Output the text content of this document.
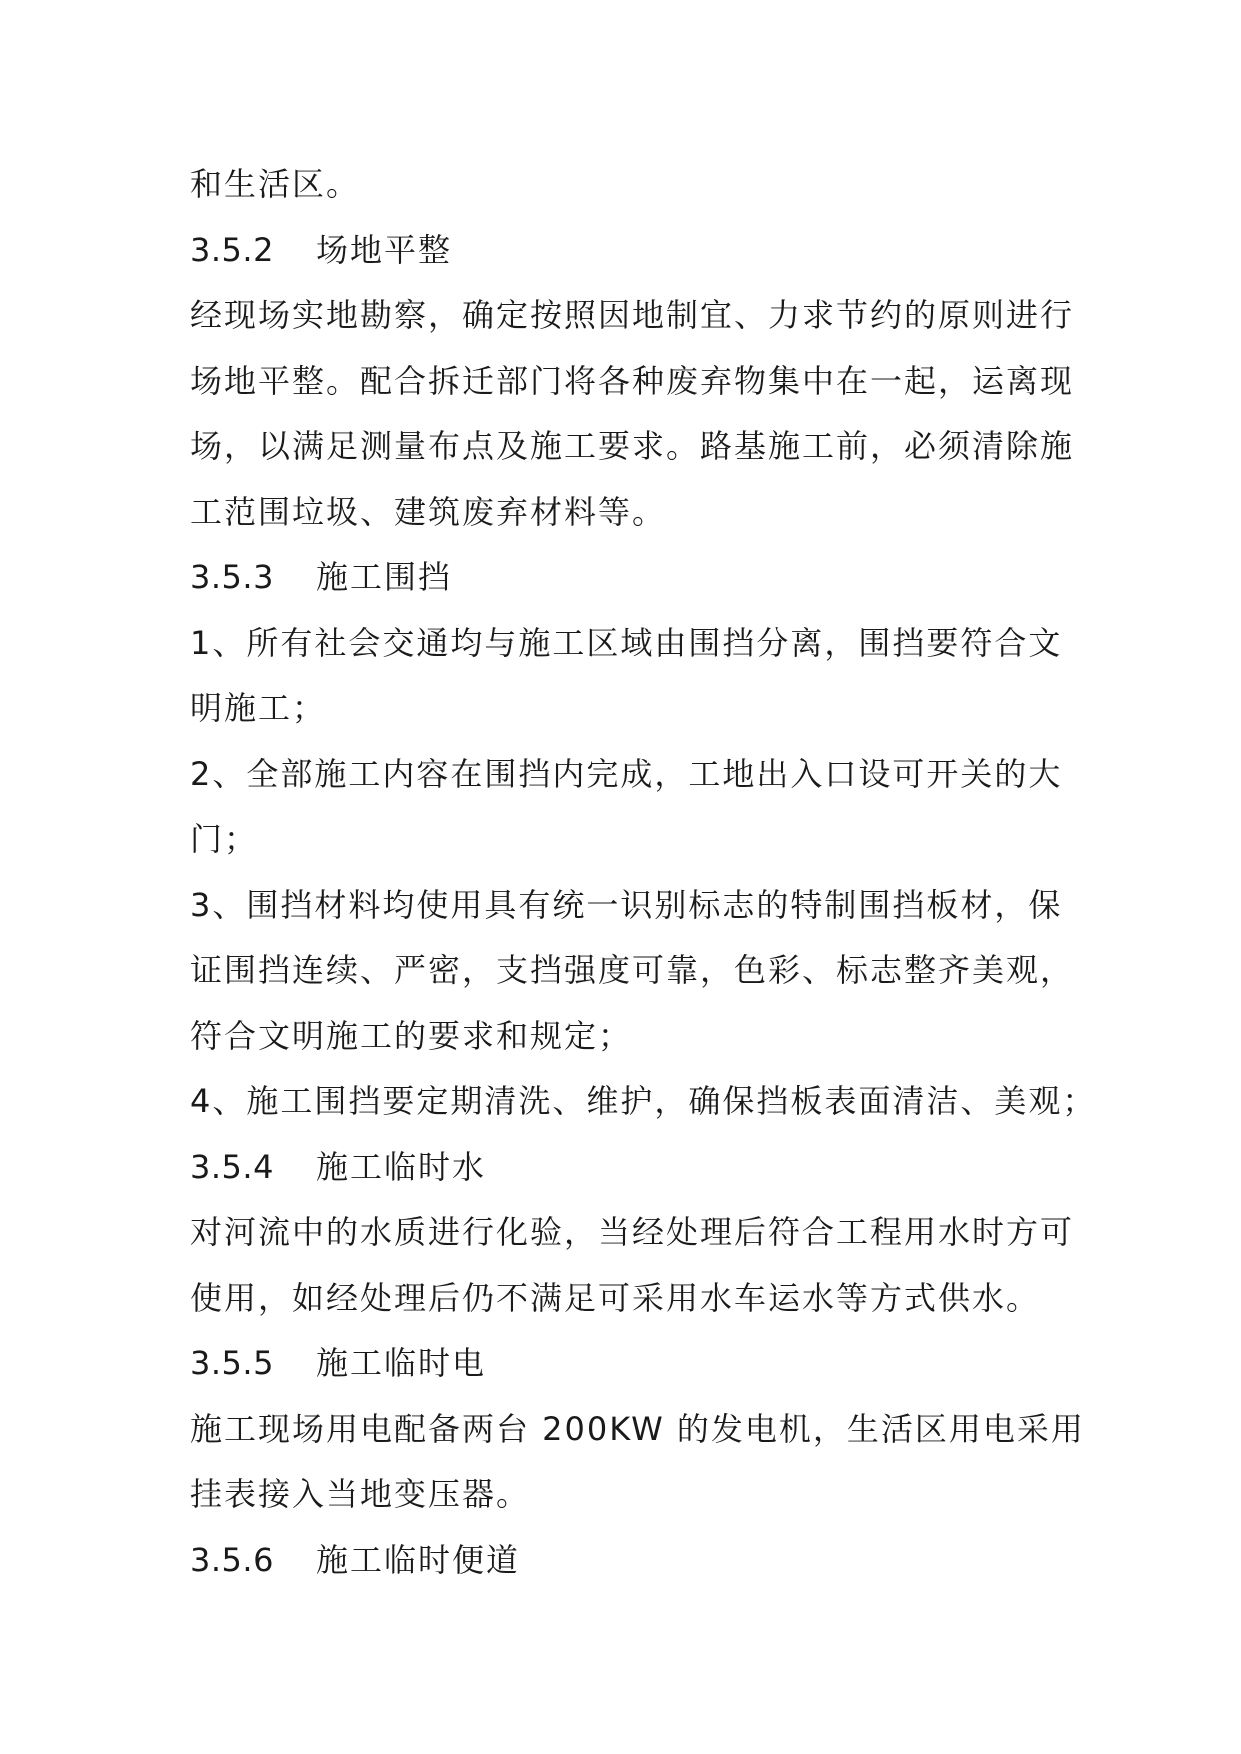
和生活区。
3.5.2	场地平整
经现场实地勘察，确定按照因地制宜、力求节约的原则进行
场地平整。配合拆迁部门将各种废弃物集中在一起，运离现
场，以满足测量布点及施工要求。路基施工前，必须清除施
工范围垃圾、建筑废弃材料等。
3.5.3	施工围挡
1、所有社会交通均与施工区域由围挡分离，围挡要符合文
明施工；
2、全部施工内容在围挡内完成，工地出入口设可开关的大
门；
3、围挡材料均使用具有统一识别标志的特制围挡板材，保
证围挡连续、严密，支挡强度可靠，色彩、标志整齐美观，
符合文明施工的要求和规定；
4、施工围挡要定期清洗、维护，确保挡板表面清洁、美观；
3.5.4	施工临时水
对河流中的水质进行化验，当经处理后符合工程用水时方可
使用，如经处理后仍不满足可采用水车运水等方式供水。
3.5.5	施工临时电
施工现场用电配备两台 200KW 的发电机，生活区用电采用
挂表接入当地变压器。
3.5.6	施工临时便道
